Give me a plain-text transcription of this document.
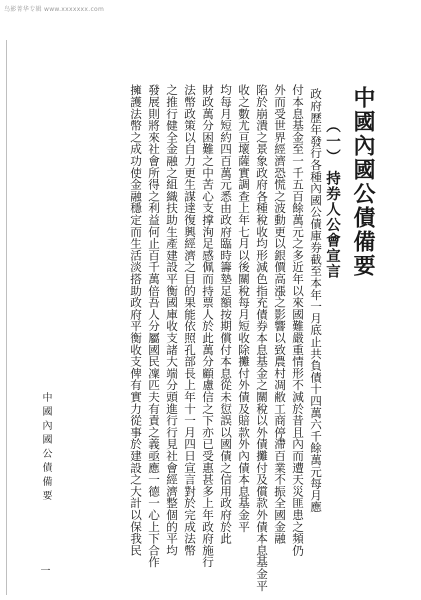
鸟影菁华专辑 www.xxxxxxx.com
中國內國公債備要
（一） 持券人公會宣言
政府歷年發行各種內國公債庫券截至本年一月底止共負債十四萬六千餘萬元每月應
付本息基金至一千五百餘萬元之多近年以來國難嚴重情形不減於昔且內而遭天災匪患之頻仍
外而受世界經濟恐慌之波動更以銀價高漲之影響以致農村凋敝工商停滯百業不振全國金融
陷於崩潰之景象政府各種稅收均形減色指充債券本息基金之關稅以外債攤付及償款外債本息基金平
收之數尤亘壞薩實調查上年七月以後關稅每月短收除攤付外債及賠款外內債本息基金平
均每月短約四百萬元悉由政府臨時籌墊足額按期償付本息從未愆誤以國債之信用政府於此
財政萬分困難之中苦心支撑洵足感佩而持票人於此萬分顧慮信之下亦已受惠甚多上年政府施行
法幣政策以自力更生謀達復興經濟之目的果能依照孔部長上年十一月四日宣言對於完成法幣
之推行健全金融之組織扶助生產建設平衡國庫收支諸大端分頭進行行見社會經濟整個的平均
發展則將來社會所得之利益何止百千萬倍吾人分屬國民凜匹夫有責之義亟應一德一心上下合作
擁護法幣之成功使金融穩定而生活淡搭助政府平衡收支俾有實力從事於建設之大計以保我民
中國內國公債備要
一
